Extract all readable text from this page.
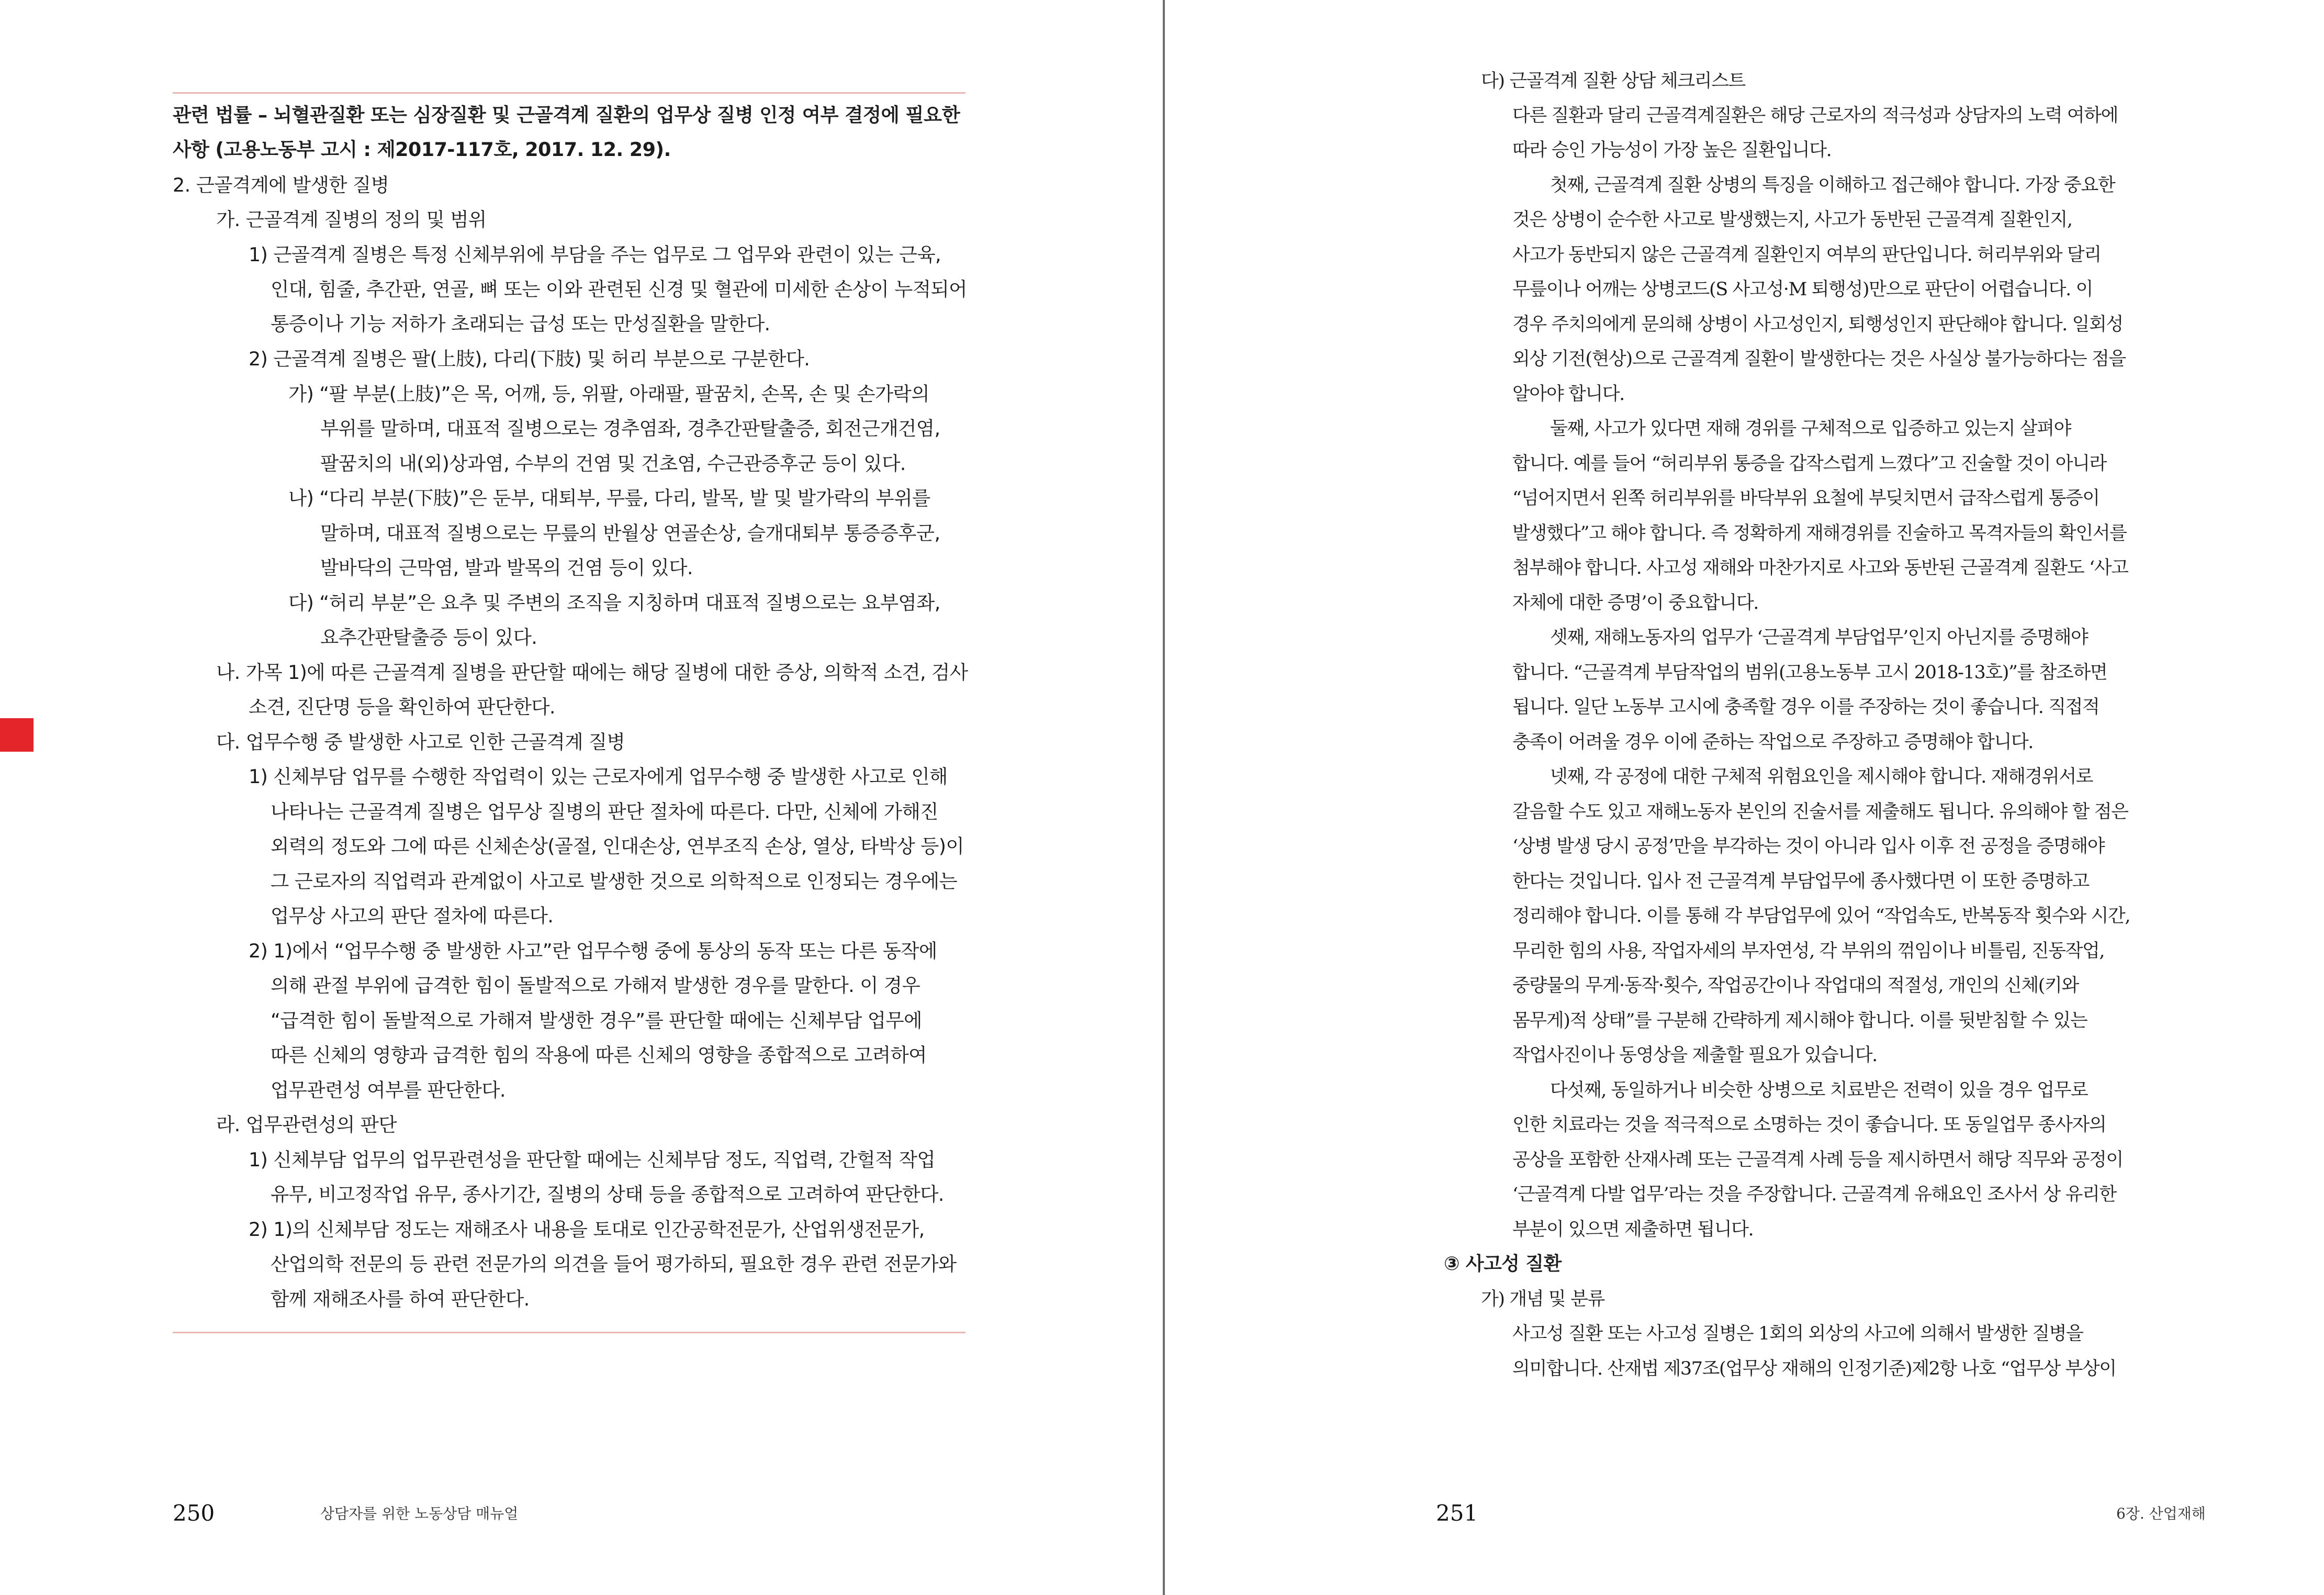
관련 법률 – 뇌혈관질환 또는 심장질환 및 근골격계 질환의 업무상 질병 인정 여부 결정에 필요한
사항 (고용노동부 고시 : 제2017-117호, 2017. 12. 29).
2. 근골격계에 발생한 질병
가. 근골격계 질병의 정의 및 범위
1) 근골격계 질병은 특정 신체부위에 부담을 주는 업무로 그 업무와 관련이 있는 근육,
인대, 힘줄, 추간판, 연골, 뼈 또는 이와 관련된 신경 및 혈관에 미세한 손상이 누적되어
통증이나 기능 저하가 초래되는 급성 또는 만성질환을 말한다.
2) 근골격계 질병은 팔(上肢), 다리(下肢) 및 허리 부분으로 구분한다.
가) “팔 부분(上肢)”은 목, 어깨, 등, 위팔, 아래팔, 팔꿈치, 손목, 손 및 손가락의
부위를 말하며, 대표적 질병으로는 경추염좌, 경추간판탈출증, 회전근개건염,
팔꿈치의 내(외)상과염, 수부의 건염 및 건초염, 수근관증후군 등이 있다.
나) “다리 부분(下肢)”은 둔부, 대퇴부, 무릎, 다리, 발목, 발 및 발가락의 부위를
말하며, 대표적 질병으로는 무릎의 반월상 연골손상, 슬개대퇴부 통증증후군,
발바닥의 근막염, 발과 발목의 건염 등이 있다.
다) “허리 부분”은 요추 및 주변의 조직을 지칭하며 대표적 질병으로는 요부염좌,
요추간판탈출증 등이 있다.
나. 가목 1)에 따른 근골격계 질병을 판단할 때에는 해당 질병에 대한 증상, 의학적 소견, 검사
소견, 진단명 등을 확인하여 판단한다.
다. 업무수행 중 발생한 사고로 인한 근골격계 질병
1) 신체부담 업무를 수행한 작업력이 있는 근로자에게 업무수행 중 발생한 사고로 인해
나타나는 근골격계 질병은 업무상 질병의 판단 절차에 따른다. 다만, 신체에 가해진
외력의 정도와 그에 따른 신체손상(골절, 인대손상, 연부조직 손상, 열상, 타박상 등)이
그 근로자의 직업력과 관계없이 사고로 발생한 것으로 의학적으로 인정되는 경우에는
업무상 사고의 판단 절차에 따른다.
2) 1)에서 “업무수행 중 발생한 사고”란 업무수행 중에 통상의 동작 또는 다른 동작에
의해 관절 부위에 급격한 힘이 돌발적으로 가해져 발생한 경우를 말한다. 이 경우
“급격한 힘이 돌발적으로 가해져 발생한 경우”를 판단할 때에는 신체부담 업무에
따른 신체의 영향과 급격한 힘의 작용에 따른 신체의 영향을 종합적으로 고려하여
업무관련성 여부를 판단한다.
라. 업무관련성의 판단
1) 신체부담 업무의 업무관련성을 판단할 때에는 신체부담 정도, 직업력, 간헐적 작업
유무, 비고정작업 유무, 종사기간, 질병의 상태 등을 종합적으로 고려하여 판단한다.
2) 1)의 신체부담 정도는 재해조사 내용을 토대로 인간공학전문가, 산업위생전문가,
산업의학 전문의 등 관련 전문가의 의견을 들어 평가하되, 필요한 경우 관련 전문가와
함께 재해조사를 하여 판단한다.
250	상담자를 위한 노동상담 매뉴얼
다) 근골격계 질환 상담 체크리스트
다른 질환과 달리 근골격계질환은 해당 근로자의 적극성과 상담자의 노력 여하에
따라 승인 가능성이 가장 높은 질환입니다.
첫째, 근골격계 질환 상병의 특징을 이해하고 접근해야 합니다. 가장 중요한
것은 상병이 순수한 사고로 발생했는지, 사고가 동반된 근골격계 질환인지,
사고가 동반되지 않은 근골격계 질환인지 여부의 판단입니다. 허리부위와 달리
무릎이나 어깨는 상병코드(S 사고성·M 퇴행성)만으로 판단이 어렵습니다. 이
경우 주치의에게 문의해 상병이 사고성인지, 퇴행성인지 판단해야 합니다. 일회성
외상 기전(현상)으로 근골격계 질환이 발생한다는 것은 사실상 불가능하다는 점을
알아야 합니다.
둘째, 사고가 있다면 재해 경위를 구체적으로 입증하고 있는지 살펴야
합니다. 예를 들어 “허리부위 통증을 갑작스럽게 느꼈다”고 진술할 것이 아니라
“넘어지면서 왼쪽 허리부위를 바닥부위 요철에 부딪치면서 급작스럽게 통증이
발생했다”고 해야 합니다. 즉 정확하게 재해경위를 진술하고 목격자들의 확인서를
첨부해야 합니다. 사고성 재해와 마찬가지로 사고와 동반된 근골격계 질환도 ‘사고
자체에 대한 증명’이 중요합니다.
셋째, 재해노동자의 업무가 ‘근골격계 부담업무’인지 아닌지를 증명해야
합니다. “근골격계 부담작업의 범위(고용노동부 고시 2018-13호)”를 참조하면
됩니다. 일단 노동부 고시에 충족할 경우 이를 주장하는 것이 좋습니다. 직접적
충족이 어려울 경우 이에 준하는 작업으로 주장하고 증명해야 합니다.
넷째, 각 공정에 대한 구체적 위험요인을 제시해야 합니다. 재해경위서로
갈음할 수도 있고 재해노동자 본인의 진술서를 제출해도 됩니다. 유의해야 할 점은
‘상병 발생 당시 공정’만을 부각하는 것이 아니라 입사 이후 전 공정을 증명해야
한다는 것입니다. 입사 전 근골격계 부담업무에 종사했다면 이 또한 증명하고
정리해야 합니다. 이를 통해 각 부담업무에 있어 “작업속도, 반복동작 횟수와 시간,
무리한 힘의 사용, 작업자세의 부자연성, 각 부위의 꺾임이나 비틀림, 진동작업,
중량물의 무게·동작·횟수, 작업공간이나 작업대의 적절성, 개인의 신체(키와
몸무게)적 상태”를 구분해 간략하게 제시해야 합니다. 이를 뒷받침할 수 있는
작업사진이나 동영상을 제출할 필요가 있습니다.
다섯째, 동일하거나 비슷한 상병으로 치료받은 전력이 있을 경우 업무로
인한 치료라는 것을 적극적으로 소명하는 것이 좋습니다. 또 동일업무 종사자의
공상을 포함한 산재사례 또는 근골격계 사례 등을 제시하면서 해당 직무와 공정이
‘근골격계 다발 업무’라는 것을 주장합니다. 근골격계 유해요인 조사서 상 유리한
부분이 있으면 제출하면 됩니다.
③ 사고성 질환
가) 개념 및 분류
사고성 질환 또는 사고성 질병은 1회의 외상의 사고에 의해서 발생한 질병을
의미합니다. 산재법 제37조(업무상 재해의 인정기준)제2항 나호 “업무상 부상이
251	6장. 산업재해
